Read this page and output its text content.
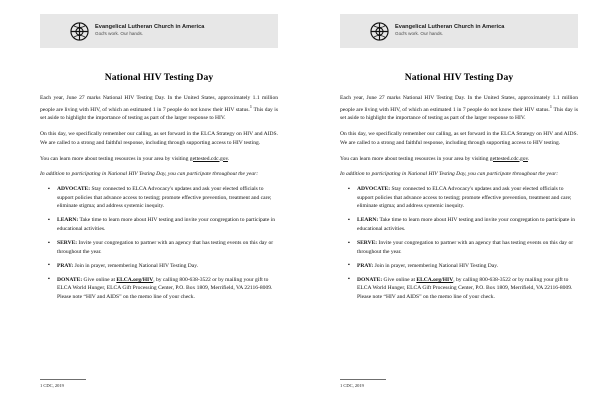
Evangelical Lutheran Church in America
God's work. Our hands.
National HIV Testing Day

Each year, June 27 marks National HIV Testing Day. In the United States, approximately 1.1 million people are living with HIV, of which an estimated 1 in 7 people do not know their HIV status.$^1$ This day is set aside to highlight the importance of testing as part of the larger response to HIV.

On this day, we specifically remember our calling, as set forward in the ELCA Strategy on HIV and AIDS. We are called to a strong and faithful response, including through supporting access to HIV testing.

You can learn more about testing resources in your area by visiting gettested.cdc.gov.

In addition to participating in National HIV Testing Day, you can participate throughout the year:

▪ ADVOCATE: Stay connected to ELCA Advocacy's updates and ask your elected officials to support policies that advance access to testing; promote effective prevention, treatment and care; eliminate stigma; and address systemic inequity.
▪ LEARN: Take time to learn more about HIV testing and invite your congregation to participate in educational activities.
▪ SERVE: Invite your congregation to partner with an agency that has testing events on this day or throughout the year.
▪ PRAY: Join in prayer, remembering National HIV Testing Day.
▪ DONATE: Give online at ELCA.org/HIV, by calling 800-638-3522 or by mailing your gift to ELCA World Hunger, ELCA Gift Processing Center, P.O. Box 1809, Merrifield, VA 22116-8009. Please note “HIV and AIDS” on the memo line of your check.
1 CDC, 2019
Evangelical Lutheran Church in America
God's work. Our hands.
National HIV Testing Day

Each year, June 27 marks National HIV Testing Day. In the United States, approximately 1.1 million people are living with HIV, of which an estimated 1 in 7 people do not know their HIV status.$^1$ This day is set aside to highlight the importance of testing as part of the larger response to HIV.

On this day, we specifically remember our calling, as set forward in the ELCA Strategy on HIV and AIDS. We are called to a strong and faithful response, including through supporting access to HIV testing.

You can learn more about testing resources in your area by visiting gettested.cdc.gov.

In addition to participating in National HIV Testing Day, you can participate throughout the year:

▪ ADVOCATE: Stay connected to ELCA Advocacy's updates and ask your elected officials to support policies that advance access to testing; promote effective prevention, treatment and care; eliminate stigma; and address systemic inequity.
▪ LEARN: Take time to learn more about HIV testing and invite your congregation to participate in educational activities.
▪ SERVE: Invite your congregation to partner with an agency that has testing events on this day or throughout the year.
▪ PRAY: Join in prayer, remembering National HIV Testing Day.
▪ DONATE: Give online at ELCA.org/HIV, by calling 800-638-3522 or by mailing your gift to ELCA World Hunger, ELCA Gift Processing Center, P.O. Box 1809, Merrifield, VA 22116-8009. Please note “HIV and AIDS” on the memo line of your check.
1 CDC, 2019
